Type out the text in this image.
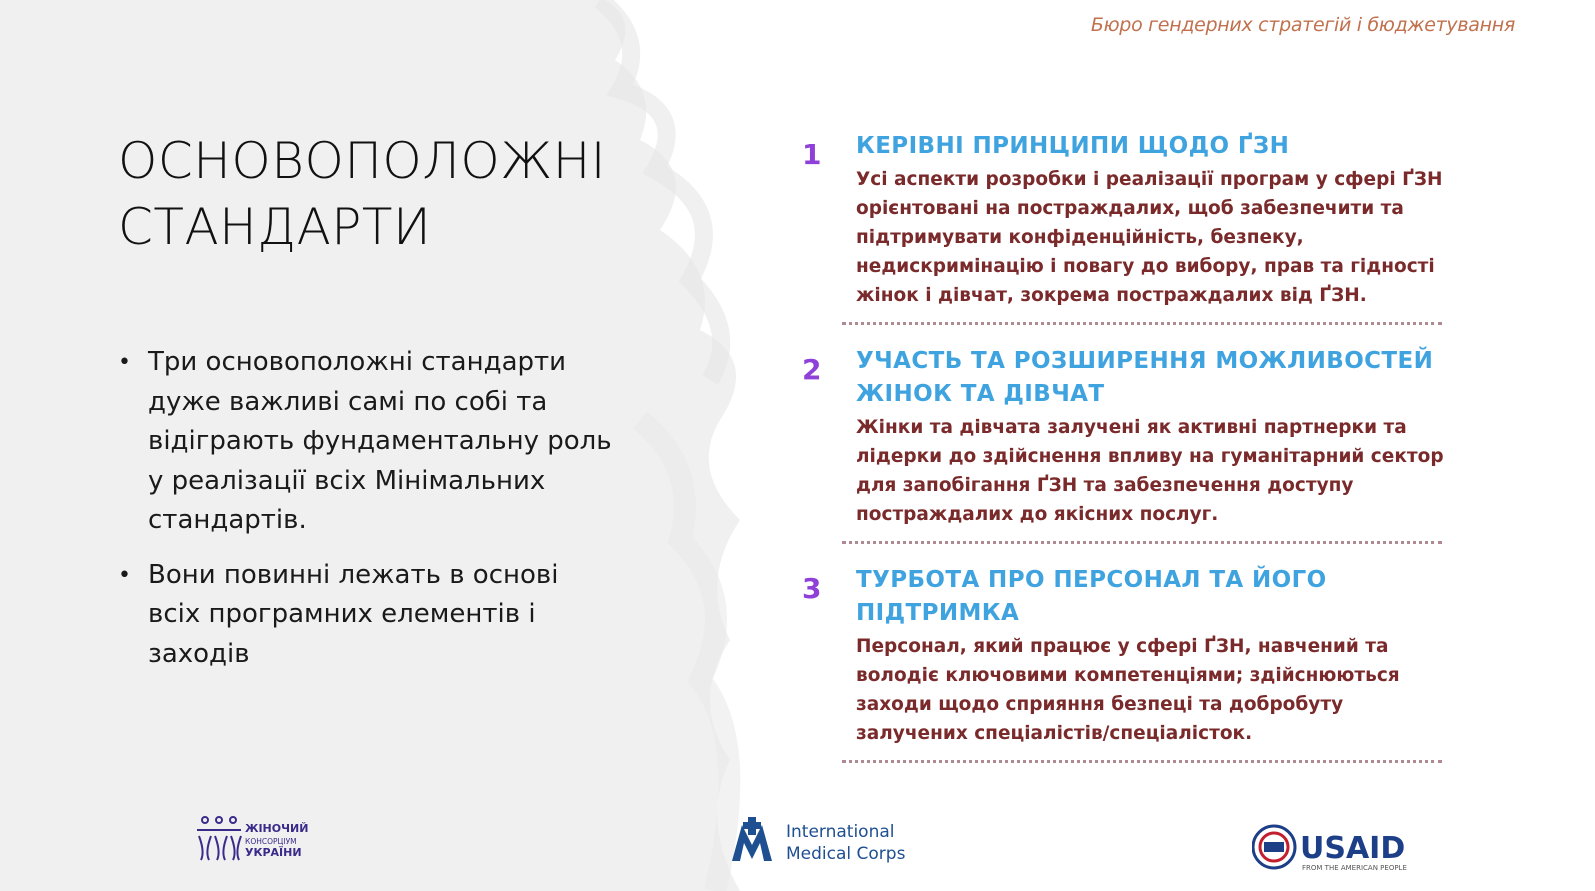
Бюро гендерних стратегій і бюджетування
ОСНОВОПОЛОЖНІ
СТАНДАРТИ
• Три основоположні стандарти дуже важливі самі по собі та відіграють фундаментальну роль у реалізації всіх Мінімальних стандартів.
• Вони повинні лежать в основі всіх програмних елементів і заходів
1 КЕРІВНІ ПРИНЦИПИ ЩОДО ҐЗН
Усі аспекти розробки і реалізації програм у сфері ҐЗН орієнтовані на постраждалих, щоб забезпечити та підтримувати конфіденційність, безпеку, недискримінацію і повагу до вибору, прав та гідності жінок і дівчат, зокрема постраждалих від ҐЗН.
2 УЧАСТЬ ТА РОЗШИРЕННЯ МОЖЛИВОСТЕЙ ЖІНОК ТА ДІВЧАТ
Жінки та дівчата залучені як активні партнерки та лідерки до здійснення впливу на гуманітарний сектор для запобігання ҐЗН та забезпечення доступу постраждалих до якісних послуг.
3 ТУРБОТА ПРО ПЕРСОНАЛ ТА ЙОГО ПІДТРИМКА
Персонал, який працює у сфері ҐЗН, навчений та володіє ключовими компетенціями; здійснюються заходи щодо сприяння безпеці та добробуту залучених спеціалістів/спеціалісток.
ЖІНОЧИЙ
КОНСОРЦІУМ
УКРАЇНИ
International
Medical Corps	USAID
FROM THE AMERICAN PEOPLE
